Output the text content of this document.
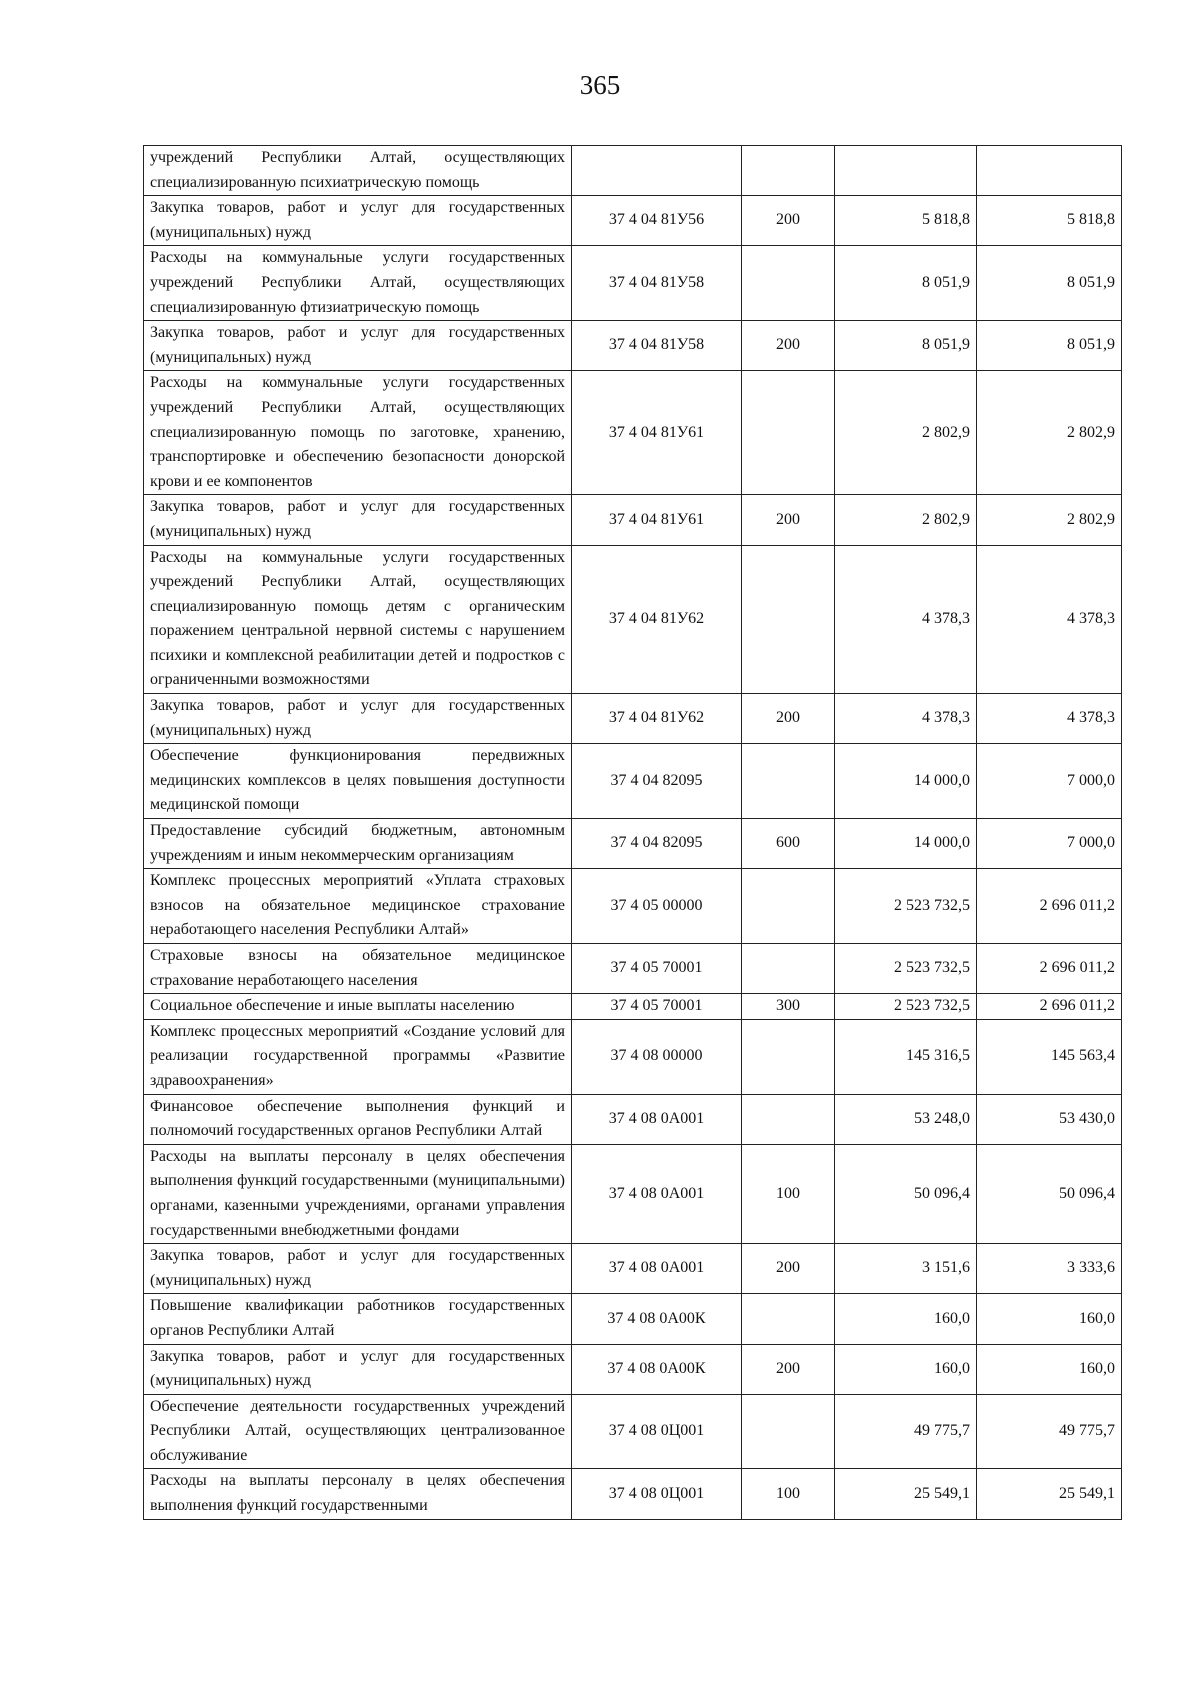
365
учреждений Республики Алтай, осуществляющих специализированную психиатрическую помощь				
Закупка товаров, работ и услуг для государственных (муниципальных) нужд	37 4 04 81У56	200	5 818,8	5 818,8
Расходы на коммунальные услуги государственных учреждений Республики Алтай, осуществляющих специализированную фтизиатрическую помощь	37 4 04 81У58		8 051,9	8 051,9
Закупка товаров, работ и услуг для государственных (муниципальных) нужд	37 4 04 81У58	200	8 051,9	8 051,9
Расходы на коммунальные услуги государственных учреждений Республики Алтай, осуществляющих специализированную помощь по заготовке, хранению, транспортировке и обеспечению безопасности донорской крови и ее компонентов	37 4 04 81У61		2 802,9	2 802,9
Закупка товаров, работ и услуг для государственных (муниципальных) нужд	37 4 04 81У61	200	2 802,9	2 802,9
Расходы на коммунальные услуги государственных учреждений Республики Алтай, осуществляющих специализированную помощь детям с органическим поражением центральной нервной системы с нарушением психики и комплексной реабилитации детей и подростков с ограниченными возможностями	37 4 04 81У62		4 378,3	4 378,3
Закупка товаров, работ и услуг для государственных (муниципальных) нужд	37 4 04 81У62	200	4 378,3	4 378,3
Обеспечение функционирования передвижных медицинских комплексов в целях повышения доступности медицинской помощи	37 4 04 82095		14 000,0	7 000,0
Предоставление субсидий бюджетным, автономным учреждениям и иным некоммерческим организациям	37 4 04 82095	600	14 000,0	7 000,0
Комплекс процессных мероприятий «Уплата страховых взносов на обязательное медицинское страхование неработающего населения Республики Алтай»	37 4 05 00000		2 523 732,5	2 696 011,2
Страховые взносы на обязательное медицинское страхование неработающего населения	37 4 05 70001		2 523 732,5	2 696 011,2
Социальное обеспечение и иные выплаты населению	37 4 05 70001	300	2 523 732,5	2 696 011,2
Комплекс процессных мероприятий «Создание условий для реализации государственной программы «Развитие здравоохранения»	37 4 08 00000		145 316,5	145 563,4
Финансовое обеспечение выполнения функций и полномочий государственных органов Республики Алтай	37 4 08 0А001		53 248,0	53 430,0
Расходы на выплаты персоналу в целях обеспечения выполнения функций государственными (муниципальными) органами, казенными учреждениями, органами управления государственными внебюджетными фондами	37 4 08 0А001	100	50 096,4	50 096,4
Закупка товаров, работ и услуг для государственных (муниципальных) нужд	37 4 08 0А001	200	3 151,6	3 333,6
Повышение квалификации работников государственных органов Республики Алтай	37 4 08 0А00К		160,0	160,0
Закупка товаров, работ и услуг для государственных (муниципальных) нужд	37 4 08 0А00К	200	160,0	160,0
Обеспечение деятельности государственных учреждений Республики Алтай, осуществляющих централизованное обслуживание	37 4 08 0Ц001		49 775,7	49 775,7
Расходы на выплаты персоналу в целях обеспечения выполнения функций государственными	37 4 08 0Ц001	100	25 549,1	25 549,1
